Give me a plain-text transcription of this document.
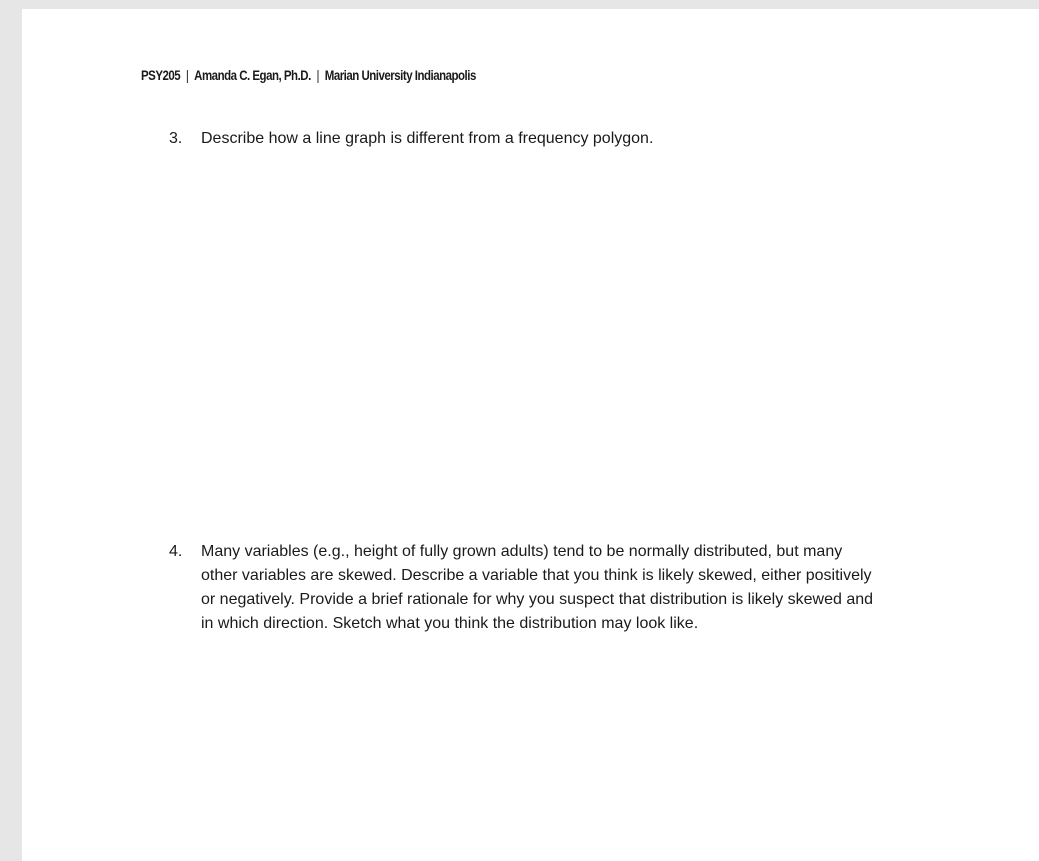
PSY205 | Amanda C. Egan, Ph.D. | Marian University Indianapolis
3.	Describe how a line graph is different from a frequency polygon.
4.	Many variables (e.g., height of fully grown adults) tend to be normally distributed, but many
other variables are skewed. Describe a variable that you think is likely skewed, either positively
or negatively. Provide a brief rationale for why you suspect that distribution is likely skewed and
in which direction. Sketch what you think the distribution may look like.
